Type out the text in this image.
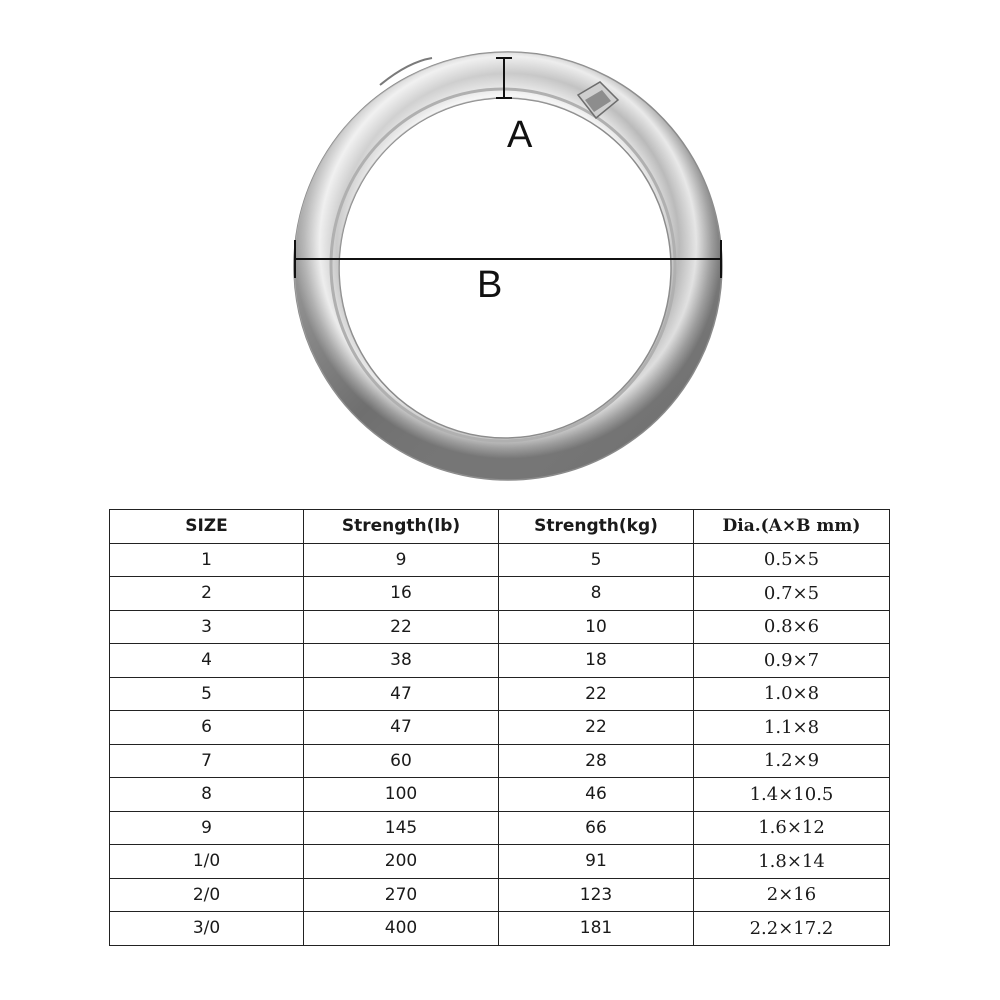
A
B
SIZE	Strength(lb)	Strength(kg)	Dia.(A×B mm)
1	9	5	0.5×5
2	16	8	0.7×5
3	22	10	0.8×6
4	38	18	0.9×7
5	47	22	1.0×8
6	47	22	1.1×8
7	60	28	1.2×9
8	100	46	1.4×10.5
9	145	66	1.6×12
1/0	200	91	1.8×14
2/0	270	123	2×16
3/0	400	181	2.2×17.2
